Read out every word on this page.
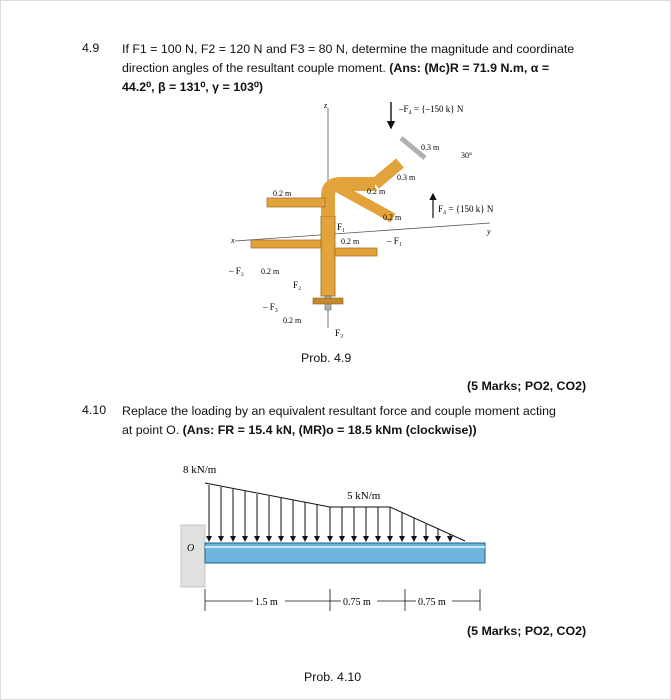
4.9 If F1 = 100 N, F2 = 120 N and F3 = 80 N, determine the magnitude and coordinate
direction angles of the resultant couple moment. (Ans: (Mc)R = 71.9 N.m, α =
44.2⁰, β = 131⁰, γ = 103⁰)
–F₄ = {–150 k} N
F₄ = {150 k} N
z
x
y
0.3 m
30°
0.3 m
0.2 m	0.2 m
0.2 m
0.2 m
0.2 m
0.2 m
F₁
– F₁
– F₂
F₂
– F₃
F₃
Prob. 4.9
(5 Marks; PO2, CO2)
4.10 Replace the loading by an equivalent resultant force and couple moment acting
at point O. (Ans: FR = 15.4 kN, (MR)o = 18.5 kNm (clockwise))
O
8 kN/m
5 kN/m
1.5 m	0.75 m	0.75 m
(5 Marks; PO2, CO2)
Prob. 4.10
